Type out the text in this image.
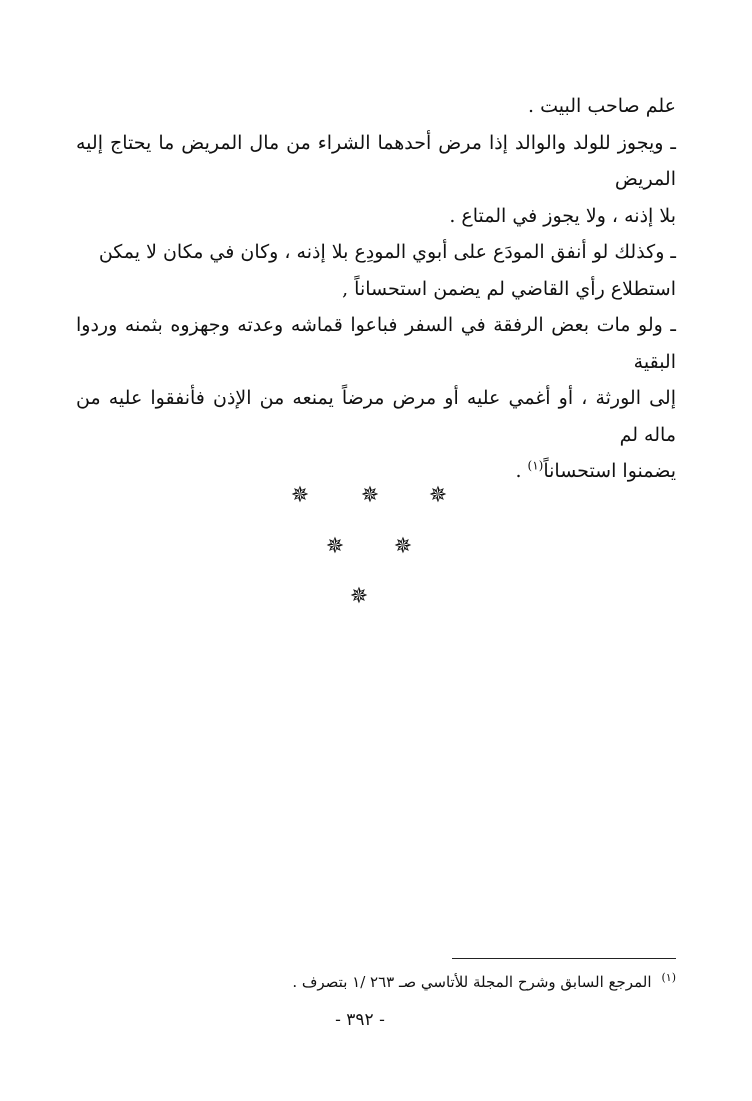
علم صاحب البيت .
ـ ويجوز للولد والوالد إذا مرض أحدهما الشراء من مال المريض ما يحتاج إليه المريض
بلا إذنه ، ولا يجوز في المتاع .
ـ وكذلك لو أنفق المودَع على أبوي المودِع بلا إذنه ، وكان في مكان لا يمكن
استطلاع رأي القاضي لم يضمن استحساناً ,
ـ ولو مات بعض الرفقة في السفر فباعوا قماشه وعدته وجهزوه بثمنه وردوا البقية
إلى الورثة ، أو أغمي عليه أو مرض مرضاً يمنعه من الإذن فأنفقوا عليه من ماله لم
يضمنوا استحساناً$^{(١)}$ .
✵ ✵ ✵
✵ ✵
✵
$^{(١)}$المرجع السابق وشرح المجلة للأتاسي صـ ٢٦٣ /١ بتصرف .
- ٣٩٢ -
